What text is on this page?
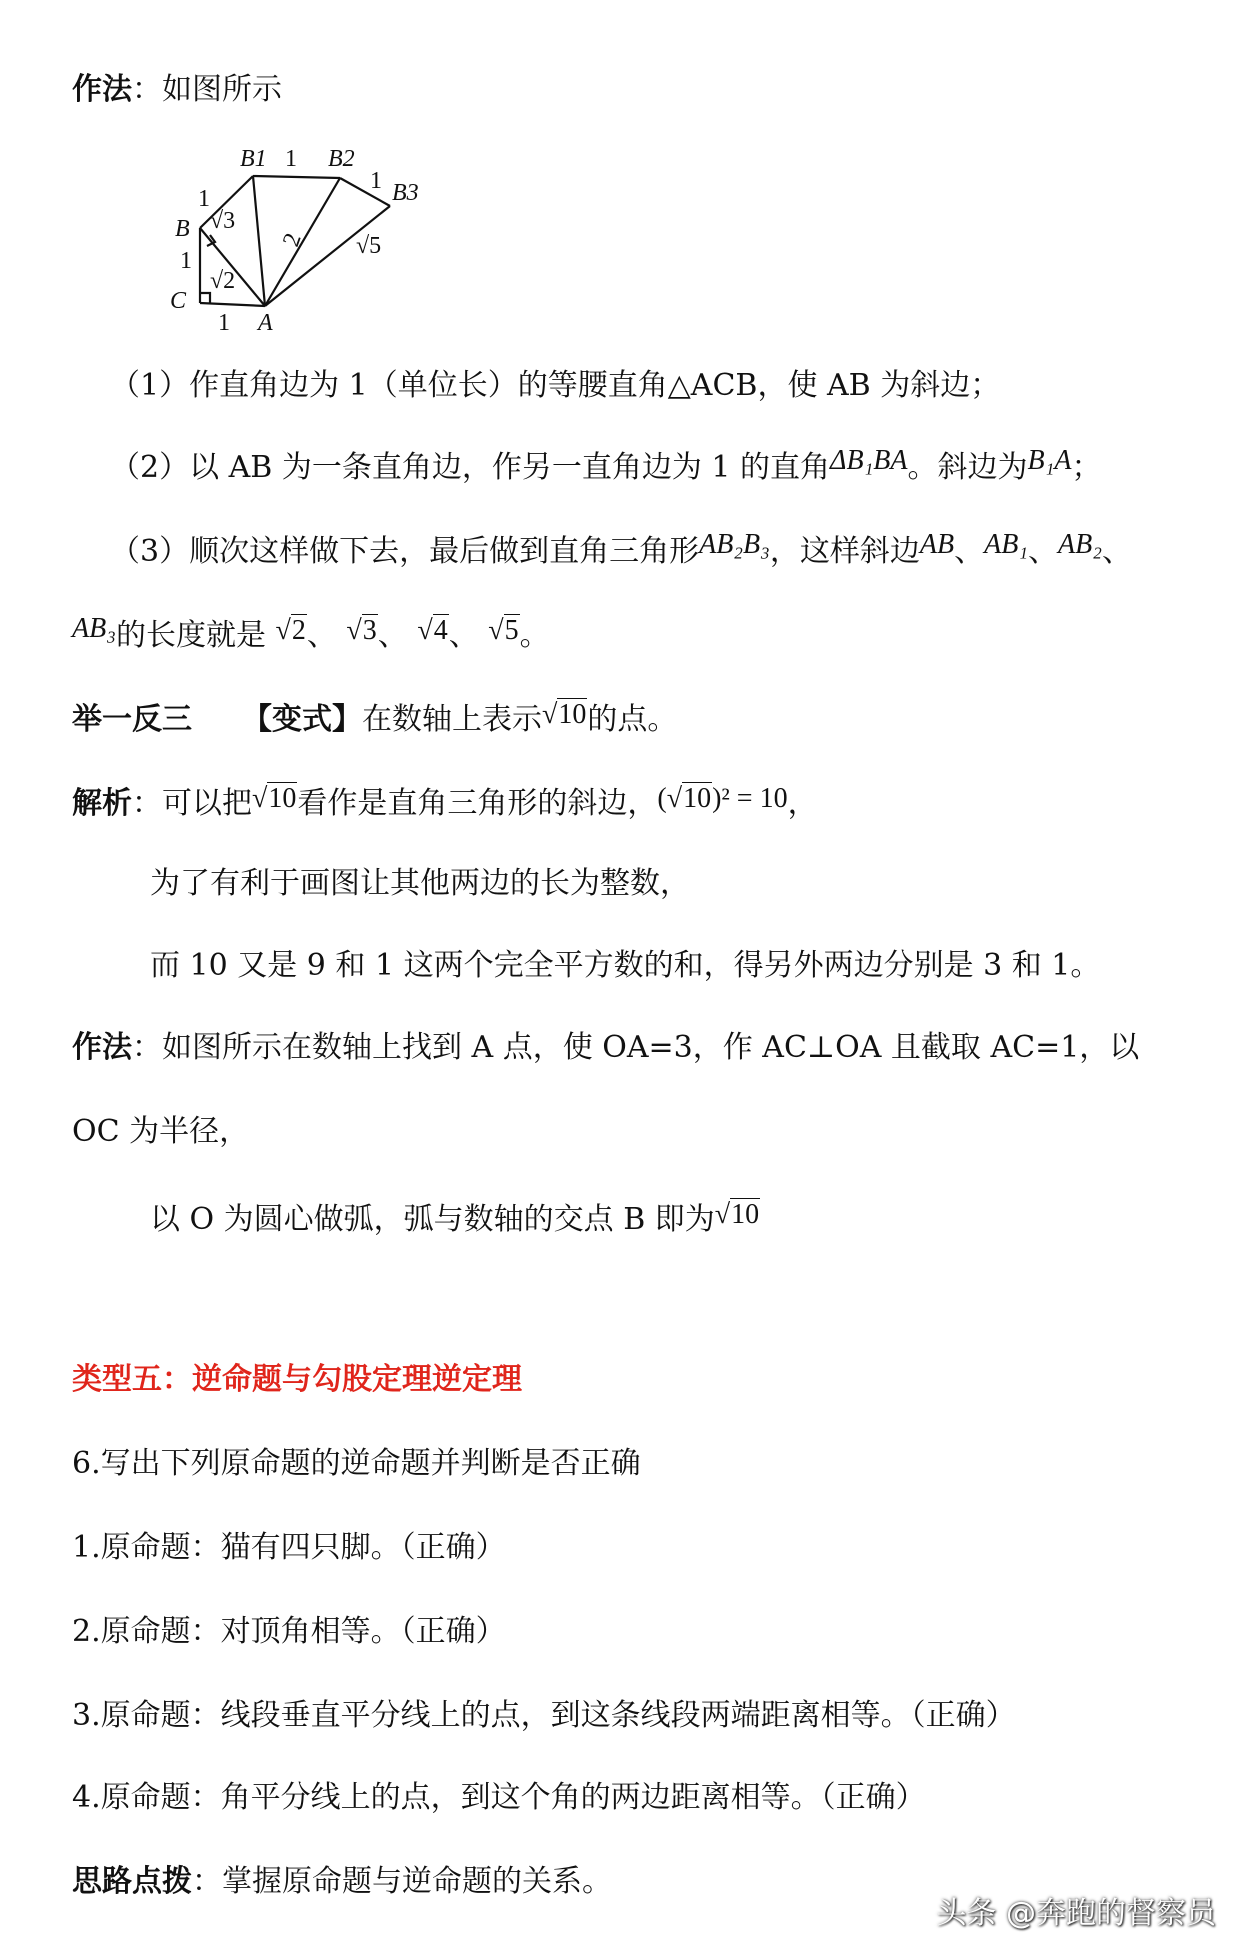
作法：如图所示
B1	B2
B3
B
C
A
1
1
1
1
1
√3
2 √5
√2
（1）作直角边为 1（单位长）的等腰直角△ACB，使 AB 为斜边；
（2）以 AB 为一条直角边，作另一直角边为 1 的直角ΔB₁BA。斜边为B₁A；
（3）顺次这样做下去，最后做到直角三角形AB₂B₃，这样斜边AB、AB₁、AB₂、
AB₃的长度就是 √2、 √3、 √4、 √5。
举一反三 【变式】在数轴上表示√10的点。
解析：可以把√10看作是直角三角形的斜边，(√10)² = 10，
为了有利于画图让其他两边的长为整数，
而 10 又是 9 和 1 这两个完全平方数的和，得另外两边分别是 3 和 1。
作法：如图所示在数轴上找到 A 点，使 OA=3，作 AC⊥OA 且截取 AC=1，以
OC 为半径，
以 O 为圆心做弧，弧与数轴的交点 B 即为√10
类型五：逆命题与勾股定理逆定理
6.写出下列原命题的逆命题并判断是否正确
1.原命题：猫有四只脚。（正确）
2.原命题：对顶角相等。（正确）
3.原命题：线段垂直平分线上的点，到这条线段两端距离相等。（正确）
4.原命题：角平分线上的点，到这个角的两边距离相等。（正确）
思路点拨：掌握原命题与逆命题的关系。
头条 @奔跑的督察员
